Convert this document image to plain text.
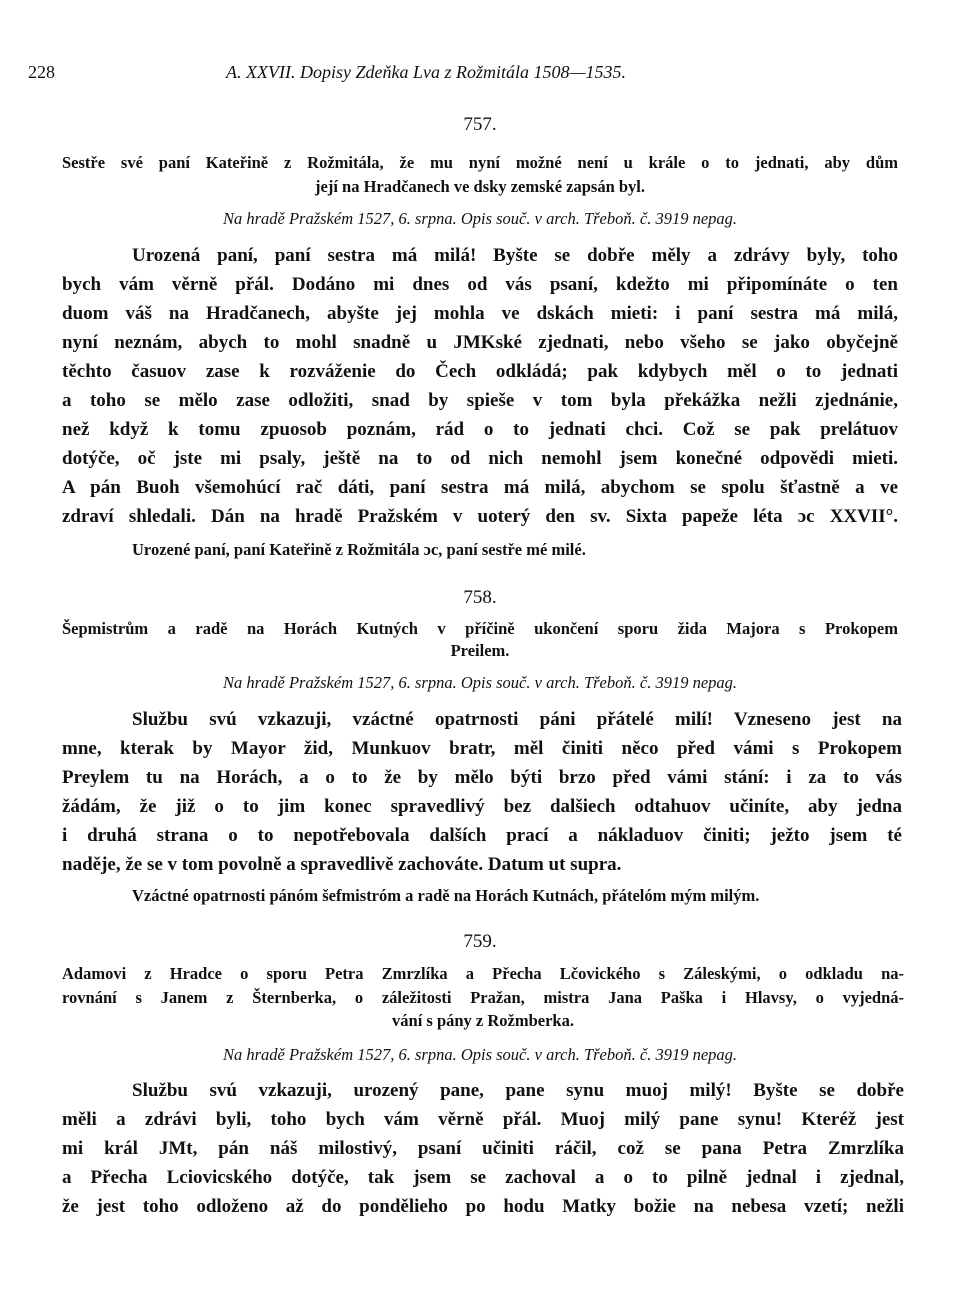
228	A. XXVII. Dopisy Zdeňka Lva z Rožmitála 1508—1535.
757.
Sestře své paní Kateřině z Rožmitála, že mu nyní možné není u krále o to jednati, aby dům
její na Hradčanech ve dsky zemské zapsán byl.
Na hradě Pražském 1527, 6. srpna. Opis souč. v arch. Třeboň. č. 3919 nepag.
Urozená paní, paní sestra má milá! Byšte se dobře měly a zdrávy byly, toho
bych vám věrně přál. Dodáno mi dnes od vás psaní, kdežto mi připomínáte o ten
duom váš na Hradčanech, abyšte jej mohla ve dskách mieti: i paní sestra má milá,
nyní neznám, abych to mohl snadně u JMKské zjednati, nebo všeho se jako obyčejně
těchto časuov zase k rozváženie do Čech odkládá; pak kdybych měl o to jednati
a toho se mělo zase odložiti, snad by spieše v tom byla překážka nežli zjednánie,
než když k tomu zpuosob poznám, rád o to jednati chci. Což se pak prelátuov
dotýče, oč jste mi psaly, ještě na to od nich nemohl jsem konečné odpovědi mieti.
A pán Buoh všemohúcí rač dáti, paní sestra má milá, abychom se spolu šťastně a ve
zdraví shledali. Dán na hradě Pražském v uoterý den sv. Sixta papeže léta ɔc XXVII°.
Urozené paní, paní Kateřině z Rožmitála ɔc, paní sestře mé milé.
758.
Šepmistrům a radě na Horách Kutných v příčině ukončení sporu žida Majora s Prokopem
Preilem.
Na hradě Pražském 1527, 6. srpna. Opis souč. v arch. Třeboň. č. 3919 nepag.
Službu svú vzkazuji, vzáctné opatrnosti páni přátelé milí! Vzneseno jest na
mne, kterak by Mayor žid, Munkuov bratr, měl činiti něco před vámi s Prokopem
Preylem tu na Horách, a o to že by mělo býti brzo před vámi stání: i za to vás
žádám, že již o to jim konec spravedlivý bez dalšiech odtahuov učiníte, aby jedna
i druhá strana o to nepotřebovala dalších prací a nákladuov činiti; ježto jsem té
naděje, že se v tom povolně a spravedlivě zachováte. Datum ut supra.
Vzáctné opatrnosti pánóm šefmistróm a radě na Horách Kutnách, přátelóm mým milým.
759.
Adamovi z Hradce o sporu Petra Zmrzlíka a Přecha Lčovického s Záleskými, o odkladu na-
rovnání s Janem z Šternberka, o záležitosti Pražan, mistra Jana Paška i Hlavsy, o vyjedná-
vání s pány z Rožmberka.
Na hradě Pražském 1527, 6. srpna. Opis souč. v arch. Třeboň. č. 3919 nepag.
Službu svú vzkazuji, urozený pane, pane synu muoj milý! Byšte se dobře
měli a zdrávi byli, toho bych vám věrně přál. Muoj milý pane synu! Kteréž jest
mi král JMt, pán náš milostivý, psaní učiniti ráčil, což se pana Petra Zmrzlíka
a Přecha Lciovicského dotýče, tak jsem se zachoval a o to pilně jednal i zjednal,
že jest toho odloženo až do pondělieho po hodu Matky božie na nebesa vzetí; nežli
